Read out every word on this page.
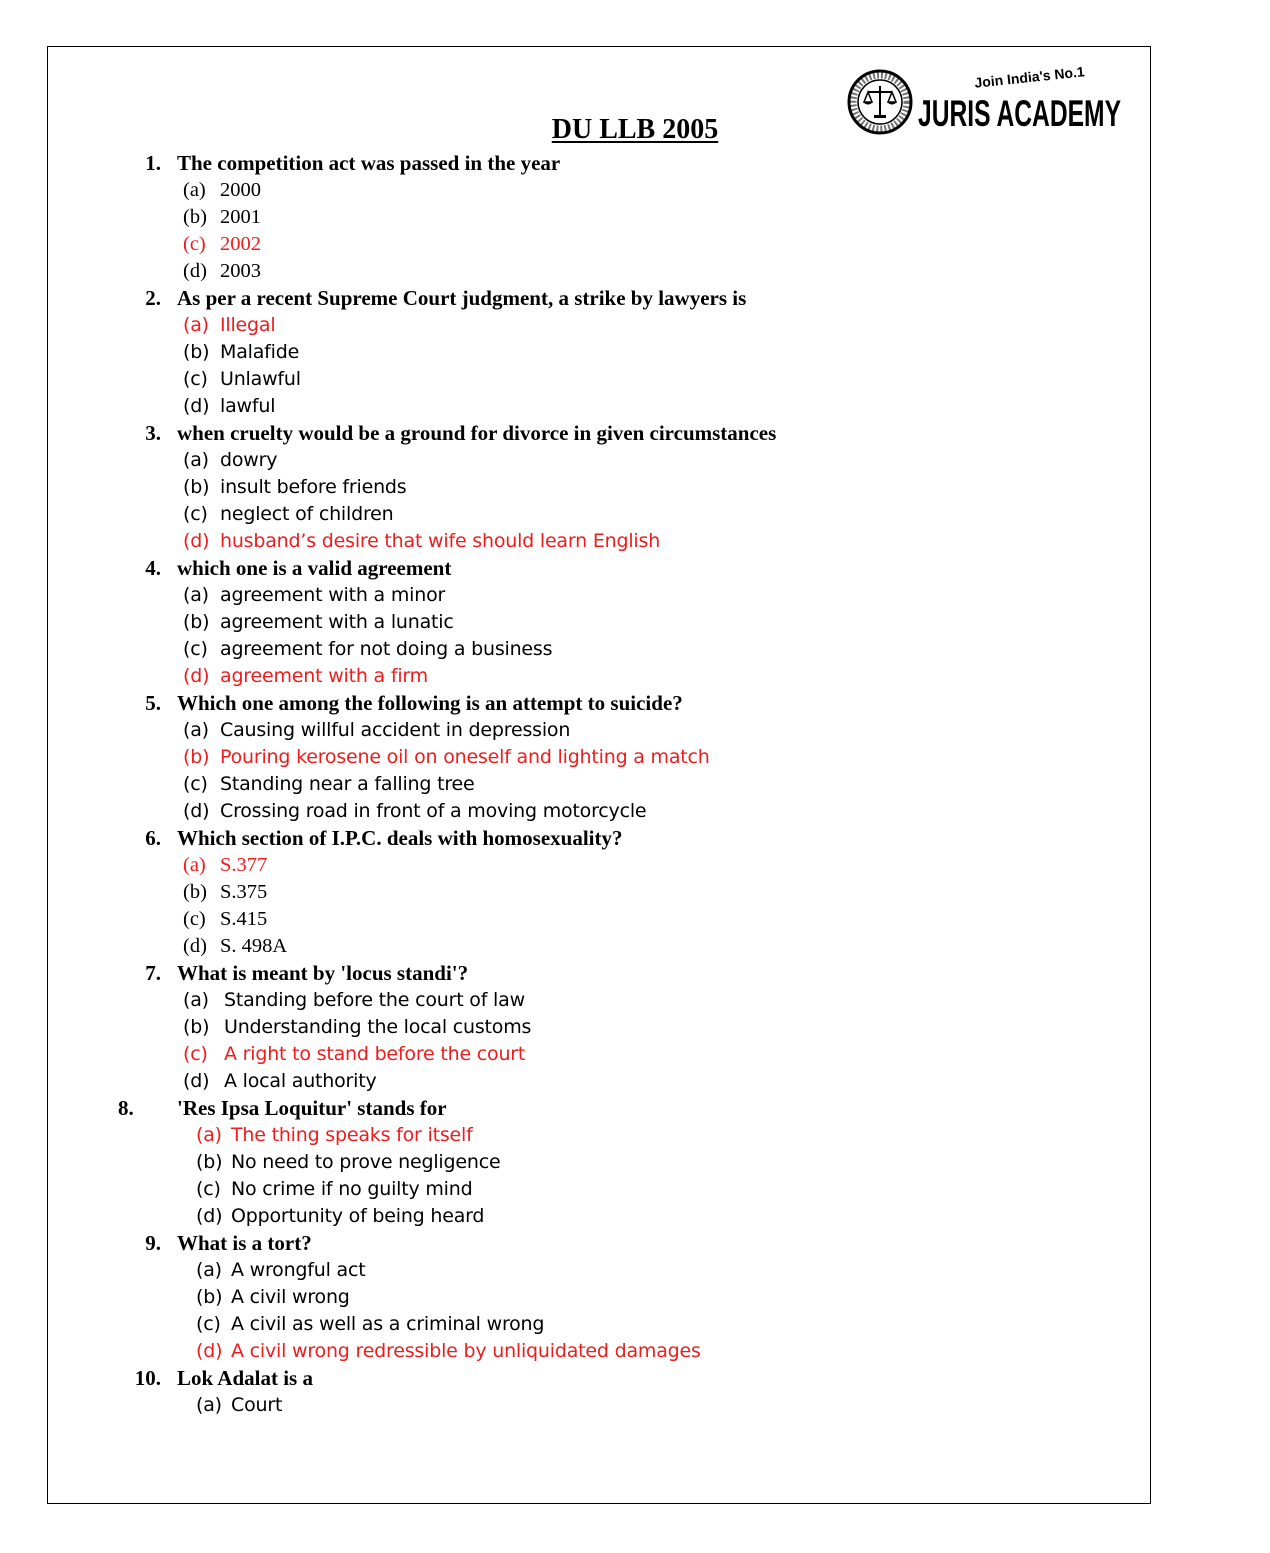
Join India's No.1
JURIS ACADEMY
DU LLB 2005
1. The competition act was passed in the year
(a) 2000
(b) 2001
(c) 2002
(d) 2003
2. As per a recent Supreme Court judgment, a strike by lawyers is
(a) Illegal
(b) Malafide
(c) Unlawful
(d) lawful
3. when cruelty would be a ground for divorce in given circumstances
(a) dowry
(b) insult before friends
(c) neglect of children
(d) husband’s desire that wife should learn English
4. which one is a valid agreement
(a) agreement with a minor
(b) agreement with a lunatic
(c) agreement for not doing a business
(d) agreement with a firm
5. Which one among the following is an attempt to suicide?
(a) Causing willful accident in depression
(b) Pouring kerosene oil on oneself and lighting a match
(c) Standing near a falling tree
(d) Crossing road in front of a moving motorcycle
6. Which section of I.P.C. deals with homosexuality?
(a) S.377
(b) S.375
(c) S.415
(d) S. 498A
7. What is meant by 'locus standi'?
(a) Standing before the court of law
(b) Understanding the local customs
(c) A right to stand before the court
(d) A local authority
8. 'Res Ipsa Loquitur' stands for
(a) The thing speaks for itself
(b) No need to prove negligence
(c) No crime if no guilty mind
(d) Opportunity of being heard
9. What is a tort?
(a) A wrongful act
(b) A civil wrong
(c) A civil as well as a criminal wrong
(d) A civil wrong redressible by unliquidated damages
10. Lok Adalat is a
(a) Court
